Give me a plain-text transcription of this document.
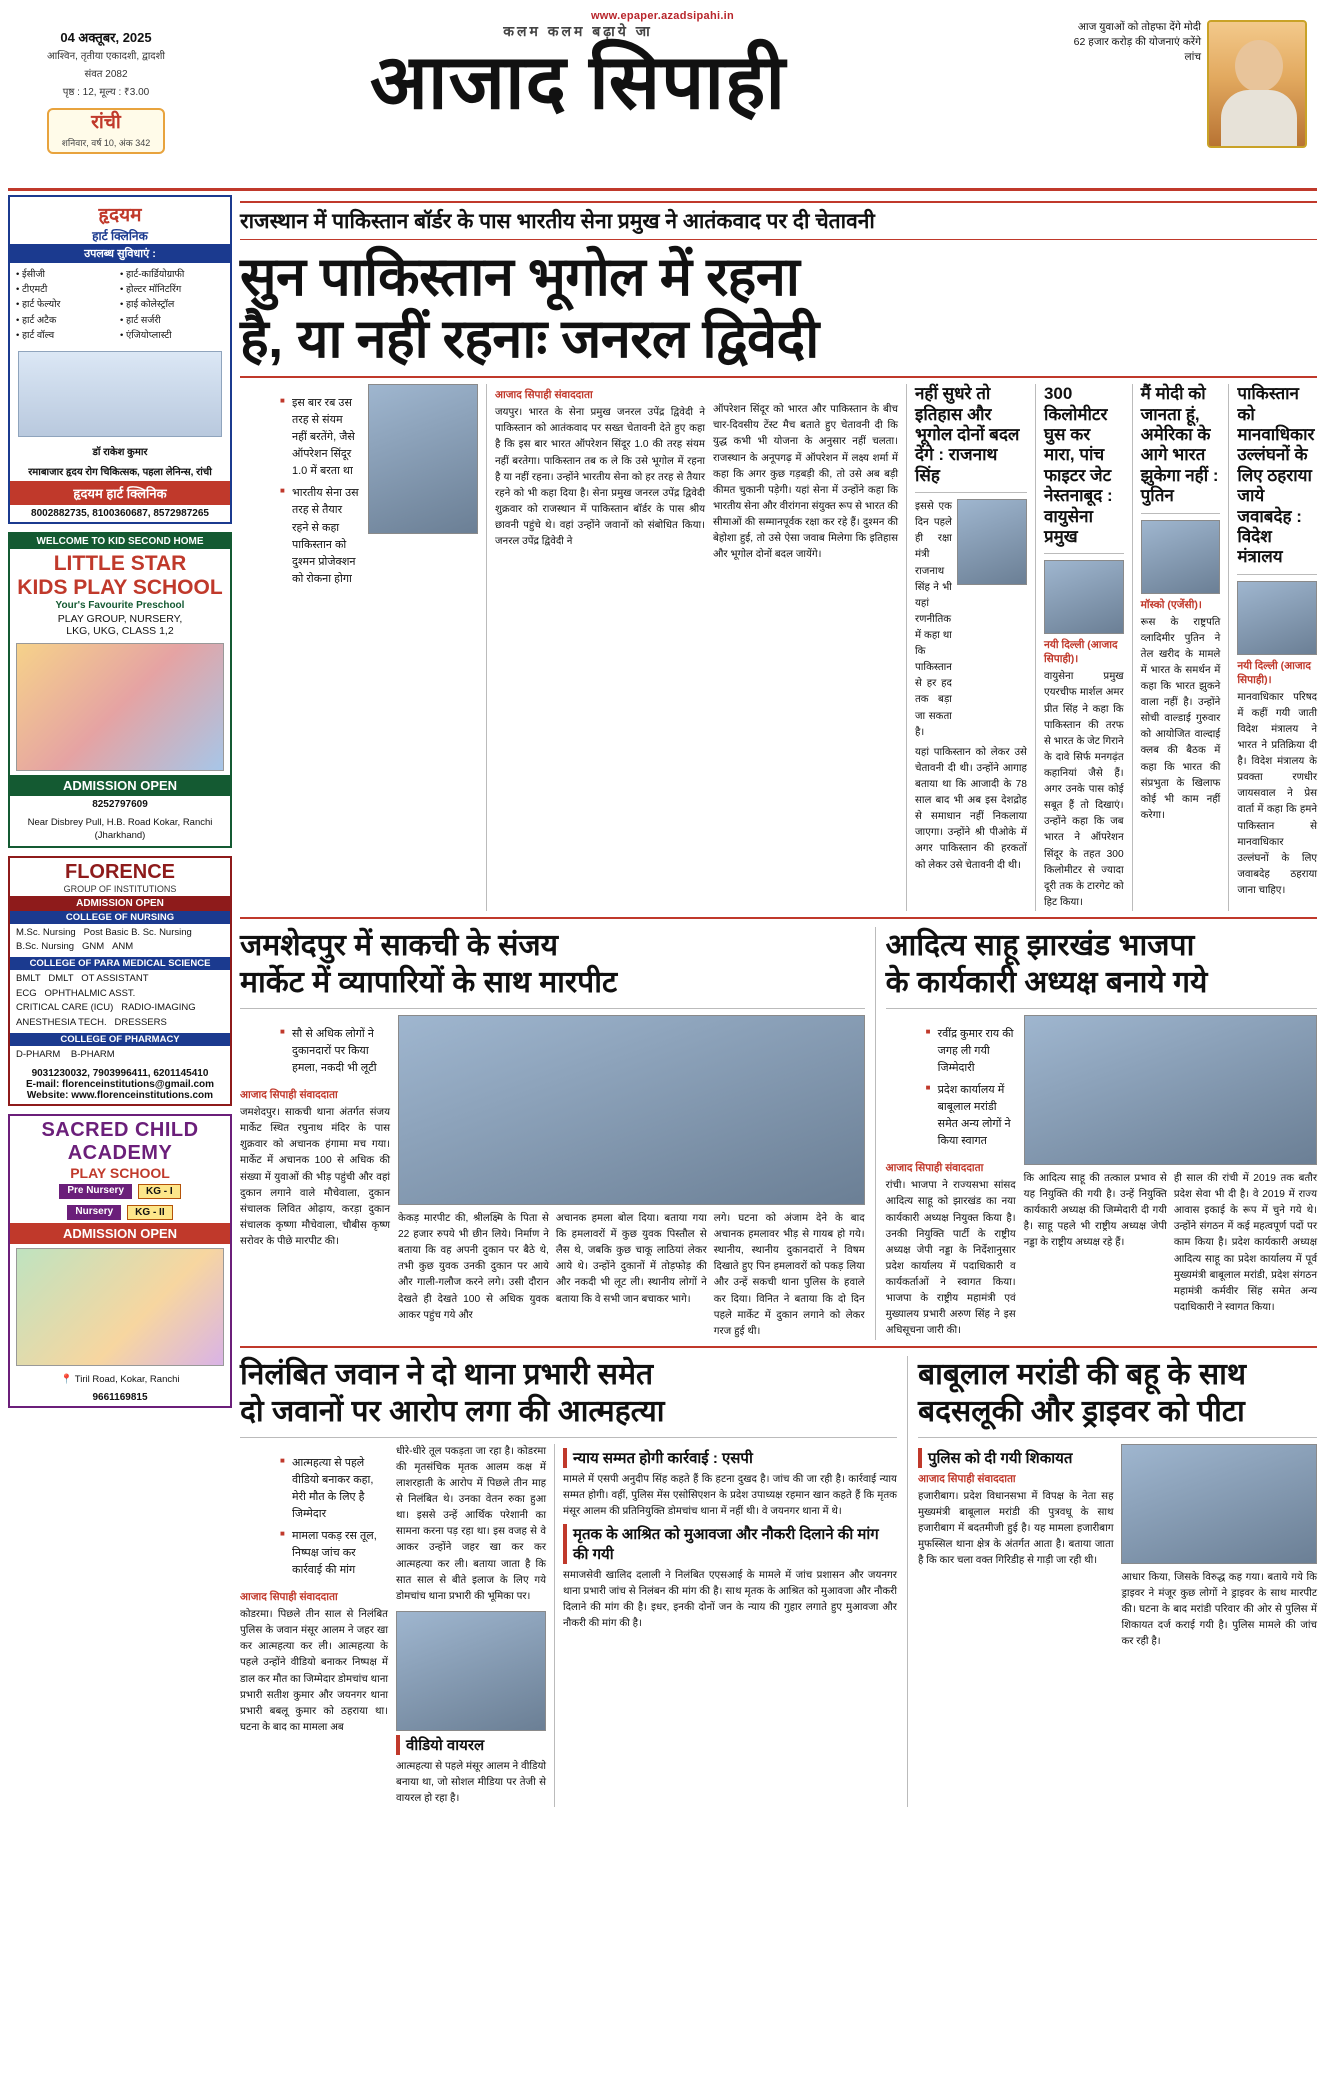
www.epaper.azadsipahi.in
04 अक्तूबर, 2025
आश्विन, तृतीया एकादशी, द्वादशी
संवत 2082
पृष्ठ : 12, मूल्य : ₹3.00
रांची
शनिवार, वर्ष 10, अंक 342
कलम कलम बढ़ाये जा
आजाद सिपाही
आज युवाओं को तोहफा देंगे मोदी 62 हजार करोड़ की योजनाएं करेंगे लांच
हृदयम
हार्ट क्लिनिक
उपलब्ध सुविधाएं :
• ईसीजी	• हार्ट-कार्डियोग्राफी
• टीएमटी	• होल्टर मॉनिटरिंग
• हार्ट फेल्योर	• हाई कोलेस्ट्रॉल
• हार्ट अटैक	• हार्ट सर्जरी
• हार्ट वॉल्व	• एंजियोप्लास्टी
डॉ राकेश कुमार
रमाबाजार हृदय रोग चिकित्सक, पहला लेनिन्स, रांची
हृदयम हार्ट क्लिनिक
8002882735, 8100360687, 8572987265
WELCOME TO KID SECOND HOME
LITTLE STAR
KIDS PLAY SCHOOL
Your's Favourite Preschool
PLAY GROUP, NURSERY,
LKG, UKG, CLASS 1,2
ADMISSION OPEN
8252797609
Near Disbrey Pull, H.B. Road Kokar, Ranchi (Jharkhand)
FLORENCE
GROUP OF INSTITUTIONS
ADMISSION OPEN
COLLEGE OF NURSING
M.Sc. Nursing   Post Basic B. Sc. Nursing
B.Sc. Nursing   GNM   ANM
COLLEGE OF PARA MEDICAL SCIENCE
BMLT   DMLT   OT ASSISTANT
ECG   OPHTHALMIC ASST.
CRITICAL CARE (ICU)   RADIO-IMAGING
ANESTHESIA TECH.   DRESSERS
COLLEGE OF PHARMACY
D-PHARM    B-PHARM
9031230032, 7903996411, 6201145410
E-mail: florenceinstitutions@gmail.com
Website: www.florenceinstitutions.com
SACRED CHILD
ACADEMY
PLAY SCHOOL
Pre Nursery	KG - I
Nursery	KG - II
ADMISSION OPEN
📍 Tiril Road, Kokar, Ranchi
9661169815
राजस्थान में पाकिस्तान बॉर्डर के पास भारतीय सेना प्रमुख ने आतंकवाद पर दी चेतावनी
सुन पाकिस्तान भूगोल में रहना
है, या नहीं रहनाः जनरल द्विवेदी
■ इस बार रब उस तरह से संयम नहीं बरतेंगे, जैसे ऑपरेशन सिंदूर 1.0 में बरता था
■ भारतीय सेना उस तरह से तैयार रहने से कहा पाकिस्तान को दुश्मन प्रोजेक्शन को रोकना होगा
आजाद सिपाही संवाददाता
जयपुर। भारत के सेना प्रमुख जनरल उपेंद्र द्विवेदी ने पाकिस्तान को आतंकवाद पर सख्त चेतावनी देते हुए कहा है कि इस बार भारत ऑपरेशन सिंदूर 1.0 की तरह संयम नहीं बरतेगा। पाकिस्तान तब क ले कि उसे भूगोल में रहना है या नहीं रहना। उन्होंने भारतीय सेना को हर तरह से तैयार रहने को भी कहा दिया है। सेना प्रमुख जनरल उपेंद्र द्विवेदी शुक्रवार को राजस्थान में पाकिस्तान बॉर्डर के पास श्रीय छावनी पहुंचे थे। वहां उन्होंने जवानों को संबोधित किया। जनरल उपेंद्र द्विवेदी ने
ऑपरेशन सिंदूर को भारत और पाकिस्तान के बीच चार-दिवसीय टेंस्ट मैच बताते हुए चेतावनी दी कि युद्ध कभी भी योजना के अनुसार नहीं चलता। राजस्थान के अनूपगढ़ में ऑपरेशन में लक्ष्य शर्मा में कहा कि अगर कुछ गड़बड़ी की, तो उसे अब बड़ी कीमत चुकानी पड़ेगी। यहां सेना में उन्होंने कहा कि भारतीय सेना और वीरांगना संयुक्त रूप से भारत की सीमाओं की सम्मानपूर्वक रक्षा कर रहे हैं। दुश्मन की बेहोशा हुई, तो उसे ऐसा जवाब मिलेगा कि इतिहास और भूगोल दोनों बदल जायेंगे।
नहीं सुधरे तो इतिहास और भूगोल दोनों बदल देंगे : राजनाथ सिंह
इससे एक दिन पहले ही रक्षा मंत्री राजनाथ सिंह ने भी यहां रणनीतिक में कहा था कि पाकिस्तान से हर हद तक बड़ा जा सकता है।
यहां पाकिस्तान को लेकर उसे चेतावनी दी थी। उन्होंने आगाह बताया था कि आजादी के 78 साल बाद भी अब इस देशद्रोह से समाधान नहीं निकलाया जाएगा। उन्होंने श्री पीओके में अगर पाकिस्तान की हरकतों को लेकर उसे चेतावनी दी थी।
300 किलोमीटर घुस कर मारा, पांच फाइटर जेट नेस्तनाबूद : वायुसेना प्रमुख
नयी दिल्ली (आजाद सिपाही)।
वायुसेना प्रमुख एयरचीफ मार्शल अमर प्रीत सिंह ने कहा कि पाकिस्तान की तरफ से भारत के जेट गिराने के दावे सिर्फ मनगढ़ंत कहानियां जैसे हैं। अगर उनके पास कोई सबूत हैं तो दिखाएं। उन्होंने कहा कि जब भारत ने ऑपरेशन सिंदूर के तहत 300 किलोमीटर से ज्यादा दूरी तक के टारगेट को हिट किया।
मैं मोदी को जानता हूं, अमेरिका के आगे भारत झुकेगा नहीं : पुतिन
मॉस्को (एजेंसी)।
रूस के राष्ट्रपति व्लादिमीर पुतिन ने तेल खरीद के मामले में भारत के समर्थन में कहा कि भारत झुकने वाला नहीं है। उन्होंने सोची वाल्डाई गुरुवार को आयोजित वाल्दाई क्लब की बैठक में कहा कि भारत की संप्रभुता के खिलाफ कोई भी काम नहीं करेगा।
पाकिस्तान को मानवाधिकार उल्लंघनों के लिए ठहराया जाये जवाबदेह : विदेश मंत्रालय
नयी दिल्ली (आजाद सिपाही)।
मानवाधिकार परिषद में कहीं गयी जाती विदेश मंत्रालय ने भारत ने प्रतिक्रिया दी है। विदेश मंत्रालय के प्रवक्ता रणधीर जायसवाल ने प्रेस वार्ता में कहा कि हमने पाकिस्तान से मानवाधिकार उल्लंघनों के लिए जवाबदेह ठहराया जाना चाहिए।
जमशेदपुर में साकची के संजय
मार्केट में व्यापारियों के साथ मारपीट
■ सौ से अधिक लोगों ने दुकानदारों पर किया हमला, नकदी भी लूटी
आजाद सिपाही संवाददाता
जमशेदपुर। साकची थाना अंतर्गत संजय मार्केट स्थित रघुनाथ मंदिर के पास शुक्रवार को अचानक हंगामा मच गया। मार्केट में अचानक 100 से अधिक की संख्या में युवाओं की भीड़ पहुंची और वहां दुकान लगाने वाले मौचेवाला, दुकान संचालक लिवित ओढ़ाय, करड़ा दुकान संचालक कृष्णा मौचेवाला, चौबीस कृष्ण सरोवर के पीछे मारपीट की।
केकड़ मारपीट की, श्रीलक्ष्मि के पिता से 22 हजार रुपये भी छीन लिये। निर्माण ने बताया कि वह अपनी दुकान पर बैठे थे, तभी कुछ युवक उनकी दुकान पर आये और गाली-गलौज करने लगे। उसी दौरान देखते ही देखते 100 से अधिक युवक आकर पहुंच गये और
अचानक हमला बोल दिया। बताया गया कि हमलावरों में कुछ युवक पिस्तौल से लैस थे, जबकि कुछ चाकू लाठियां लेकर आये थे। उन्होंने दुकानों में तोड़फोड़ की और नकदी भी लूट ली। स्थानीय लोगों ने बताया कि वे सभी जान बचाकर भागे।
लगे। घटना को अंजाम देने के बाद अचानक हमलावर भीड़ से गायब हो गये। स्थानीय, स्थानीय दुकानदारों ने विषम दिखाते हुए पिन हमलावरों को पकड़ लिया और उन्हें सकची थाना पुलिस के हवाले कर दिया। विनित ने बताया कि दो दिन पहले मार्केट में दुकान लगाने को लेकर गरज हुई थी।
आदित्य साहू झारखंड भाजपा
के कार्यकारी अध्यक्ष बनाये गये
■ रवींद्र कुमार राय की जगह ली गयी जिम्मेदारी
■ प्रदेश कार्यालय में बाबूलाल मरांडी समेत अन्य लोगों ने किया स्वागत
आजाद सिपाही संवाददाता
रांची। भाजपा ने राज्यसभा सांसद आदित्य साहू को झारखंड का नया कार्यकारी अध्यक्ष नियुक्त किया है। उनकी नियुक्ति पार्टी के राष्ट्रीय अध्यक्ष जेपी नड्डा के निर्देशानुसार प्रदेश कार्यालय में पदाधिकारी व कार्यकर्ताओं ने स्वागत किया। भाजपा के राष्ट्रीय महामंत्री एवं मुख्यालय प्रभारी अरुण सिंह ने इस अधिसूचना जारी की।
कि आदित्य साहू की तत्काल प्रभाव से यह नियुक्ति की गयी है। उन्हें नियुक्ति कार्यकारी अध्यक्ष की जिम्मेदारी दी गयी है। साहू पहले भी राष्ट्रीय अध्यक्ष जेपी नड्डा के राष्ट्रीय अध्यक्ष रहे हैं।
ही साल की रांची में 2019 तक बतौर प्रदेश सेवा भी दी है। वे 2019 में राज्य आवास इकाई के रूप में चुने गये थे। उन्होंने संगठन में कई महत्वपूर्ण पदों पर काम किया है। प्रदेश कार्यकारी अध्यक्ष आदित्य साहू का प्रदेश कार्यालय में पूर्व मुख्यमंत्री बाबूलाल मरांडी, प्रदेश संगठन महामंत्री कर्मवीर सिंह समेत अन्य पदाधिकारी ने स्वागत किया।
निलंबित जवान ने दो थाना प्रभारी समेत
दो जवानों पर आरोप लगा की आत्महत्या
■ आत्महत्या से पहले वीडियो बनाकर कहा, मेरी मौत के लिए है जिम्मेदार
■ मामला पकड़ रस तूल, निष्पक्ष जांच कर कार्रवाई की मांग
आजाद सिपाही संवाददाता
कोडरमा। पिछले तीन साल से निलंबित पुलिस के जवान मंसूर आलम ने जहर खा कर आत्महत्या कर ली। आत्महत्या के पहले उन्होंने वीडियो बनाकर निष्पक्ष में डाल कर मौत का जिम्मेदार डोमचांच थाना प्रभारी सतीश कुमार और जयनगर थाना प्रभारी बबलू कुमार को ठहराया था। घटना के बाद का मामला अब
धीरे-धीरे तूल पकड़ता जा रहा है। कोडरमा की मृतसंचिक मृतक आलम कक्ष में लाशरहाती के आरोप में पिछले तीन माह से निलंबित थे। उनका वेतन रुका हुआ था। इससे उन्हें आर्थिक परेशानी का सामना करना पड़ रहा था। इस वजह से वे आकर उन्होंने जहर खा कर कर आत्महत्या कर ली। बताया जाता है कि सात साल से बीते इलाज के लिए गये डोमचांच थाना प्रभारी की भूमिका पर।
वीडियो वायरल
आत्महत्या से पहले मंसूर आलम ने वीडियो बनाया था, जो सोशल मीडिया पर तेजी से वायरल हो रहा है।
न्याय सम्मत होगी कार्रवाई : एसपी
मामले में एसपी अनुदीप सिंह कहते हैं कि हटना दुखद है। जांच की जा रही है। कार्रवाई न्याय सम्मत होगी। वहीं, पुलिस मेंस एसोसिएशन के प्रदेश उपाध्यक्ष रहमान खान कहते हैं कि मृतक मंसूर आलम की प्रतिनियुक्ति डोमचांच थाना में नहीं थी। वे जयनगर थाना में थे।
मृतक के आश्रित को मुआवजा और नौकरी दिलाने की मांग की गयी
समाजसेवी खालिद दलाली ने निलंबित एएसआई के मामले में जांच प्रशासन और जयनगर थाना प्रभारी जांच से निलंबन की मांग की है। साथ मृतक के आश्रित को मुआवजा और नौकरी दिलाने की मांग की है। इधर, इनकी दोनों जन के न्याय की गुहार लगाते हुए मुआवजा और नौकरी की मांग की है।
बाबूलाल मरांडी की बहू के साथ
बदसलूकी और ड्राइवर को पीटा
पुलिस को दी गयी शिकायत
आजाद सिपाही संवाददाता
हजारीबाग। प्रदेश विधानसभा में विपक्ष के नेता सह मुख्यमंत्री बाबूलाल मरांडी की पुत्रवधू के साथ हजारीबाग में बदतमीजी हुई है। यह मामला हजारीबाग मुफस्सिल थाना क्षेत्र के अंतर्गत आता है। बताया जाता है कि कार चला वक्त गिरिडीह से गाड़ी जा रही थी।
आधार किया, जिसके विरुद्ध कह गया। बताये गये कि ड्राइवर ने मंजूर कुछ लोगों ने ड्राइवर के साथ मारपीट की। घटना के बाद मरांडी परिवार की ओर से पुलिस में शिकायत दर्ज कराई गयी है। पुलिस मामले की जांच कर रही है।
